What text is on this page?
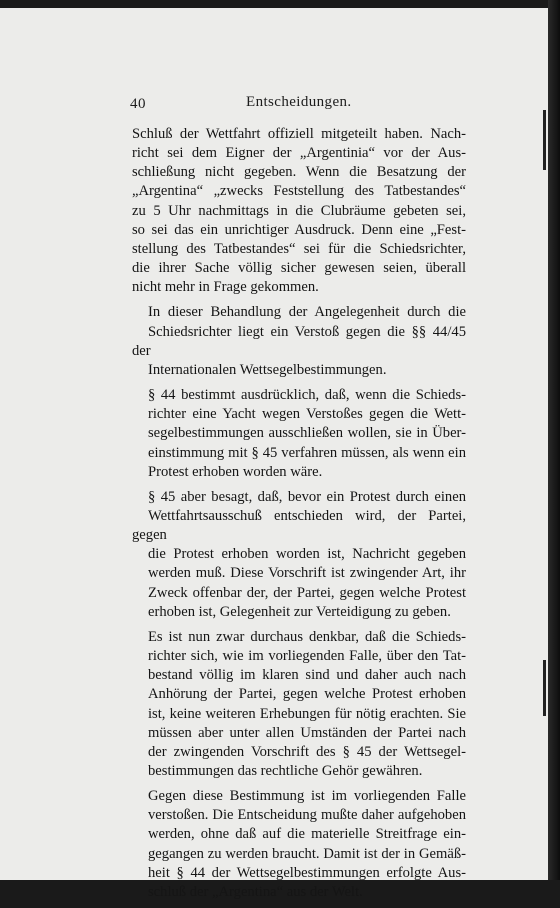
40	Entscheidungen.

Schluß der Wettfahrt offiziell mitgeteilt haben. Nach-
richt sei dem Eigner der „Argentinia“ vor der Aus-
schließung nicht gegeben. Wenn die Besatzung der
„Argentina“ „zwecks Feststellung des Tatbestandes“
zu 5 Uhr nachmittags in die Clubräume gebeten sei,
so sei das ein unrichtiger Ausdruck. Denn eine „Fest-
stellung des Tatbestandes“ sei für die Schiedsrichter,
die ihrer Sache völlig sicher gewesen seien, überall
nicht mehr in Frage gekommen.

In dieser Behandlung der Angelegenheit durch die
Schiedsrichter liegt ein Verstoß gegen die §§ 44/45 der
Internationalen Wettsegelbestimmungen.

§ 44 bestimmt ausdrücklich, daß, wenn die Schieds-
richter eine Yacht wegen Verstoßes gegen die Wett-
segelbestimmungen ausschließen wollen, sie in Über-
einstimmung mit § 45 verfahren müssen, als wenn ein
Protest erhoben worden wäre.

§ 45 aber besagt, daß, bevor ein Protest durch einen
Wettfahrtsausschuß entschieden wird, der Partei, gegen
die Protest erhoben worden ist, Nachricht gegeben
werden muß. Diese Vorschrift ist zwingender Art, ihr
Zweck offenbar der, der Partei, gegen welche Protest
erhoben ist, Gelegenheit zur Verteidigung zu geben.

Es ist nun zwar durchaus denkbar, daß die Schieds-
richter sich, wie im vorliegenden Falle, über den Tat-
bestand völlig im klaren sind und daher auch nach
Anhörung der Partei, gegen welche Protest erhoben
ist, keine weiteren Erhebungen für nötig erachten. Sie
müssen aber unter allen Umständen der Partei nach
der zwingenden Vorschrift des § 45 der Wettsegel-
bestimmungen das rechtliche Gehör gewähren.

Gegen diese Bestimmung ist im vorliegenden Falle
verstoßen. Die Entscheidung mußte daher aufgehoben
werden, ohne daß auf die materielle Streitfrage ein-
gegangen zu werden braucht. Damit ist der in Gemäß-
heit § 44 der Wettsegelbestimmungen erfolgte Aus-
schluß der „Argentina“ aus der Welt.
